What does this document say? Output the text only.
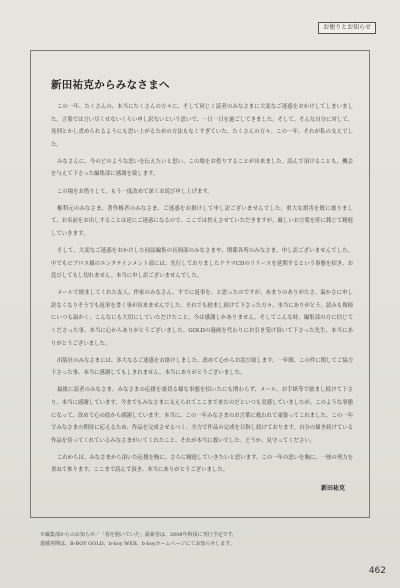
お便りとお知らせ
新田祐克からみなさまへ

この一年、たくさんの、本当にたくさんの方々に、そして同じく読者のみなさまに大変なご迷惑をおかけしてしまいました。言葉では言い尽くせないくらい申し訳ないという思いで、一日一日を過ごしてきました。そして、そんな自分に対して、死刑とかし責められるようにも思い上がるための方法もなくすぎていた、たくさんの方々、この一年、それが私の支えでした。

みなさんに、今のどのような思いを伝えたいと思い、この場をお借りすることが出来ました。読んで頂けることも、機会を与えて下さった編集部に感謝を致します。

この場をお借りして、もう一度改めて深くお詫び申し上げます。

権利元のみなさま、著作権者のみなさま、ご迷惑をお掛けして申し訳ございませんでした。重大な損害を既に被りまして、お名前をお出しすることは逆にご迷惑になるので、ここでは控えさせていただきますが、厳しいお言葉を肝に銘じて精進していきます。

そして、大変なご迷惑をおかけした同誌編集の長岡部のみなさまや、関係各所のみなさま、申し訳ございませんでした。中でもビブロス様のエンタテインメント部には、先行しておりましたドラマCDのリリースを延期するという事態を招き、お詫びしてもし切れません。本当に申し訳ございませんでした。

メールで励ましてくれた友人、作家のみなさん、すでに返事を、と思ったのですが、あまりのありがたさ、温かさに申し訳なくなりそうでも返事を書く事が出来ませんでした。それでも励まし続けて下さった方々、本当にありがとう。読みも復帰にいつも温かく、こんなにも大切にしていただけたこと、今は感謝しかありません。そしてこんな時、編集部の方に信じてくださった事、本当に心からありがとうございました。GOLDの漫画を代わりにお引き受け頂いて下さった先生、本当にありがとうございました。

出版社のみなさまには、多大なるご迷惑をお掛けしました。改めて心からお詫び致します。一年間、この件に関してご協力下さった事、本当に感謝してもしきれません。本当にありがとうございました。

最後に読者のみなさま。みなさまの応援を裏切る様な事態を招いたにも関わらず、メール、お手紙等で励まし続けて下さり、本当に感謝しています。今までもみなさまに支えられてここまで来たのだといつも実感していましたが、このような事態になって、改めて心の底から感謝しています。本当に、この一年みなさまのお言葉に救われて頑張ってこれました。この一年でみなさまの期待に応えるため、作品を完成させるべく、全力で作品の完成を目指し続けております。自分の描き続けている作品を待ってくれているみなさまがいてくれたこと、それが本当に救いでした。どうか、見守ってください。

これからは、みなさまから頂いた応援を胸に、さらに精進していきたいと思います。この一年の思いを胸に、一層の努力を重ねて参ります。ここまで読んで頂き、本当にありがとうございました。

新田祐克
※編集部からのお知らせ／「春を抱いていた」最新巻は、2008年秋頃に刊行予定です。
連載再開は、B-BOY GOLD、b-boy WEB、b-boyホームページにてお知らせします。
462
